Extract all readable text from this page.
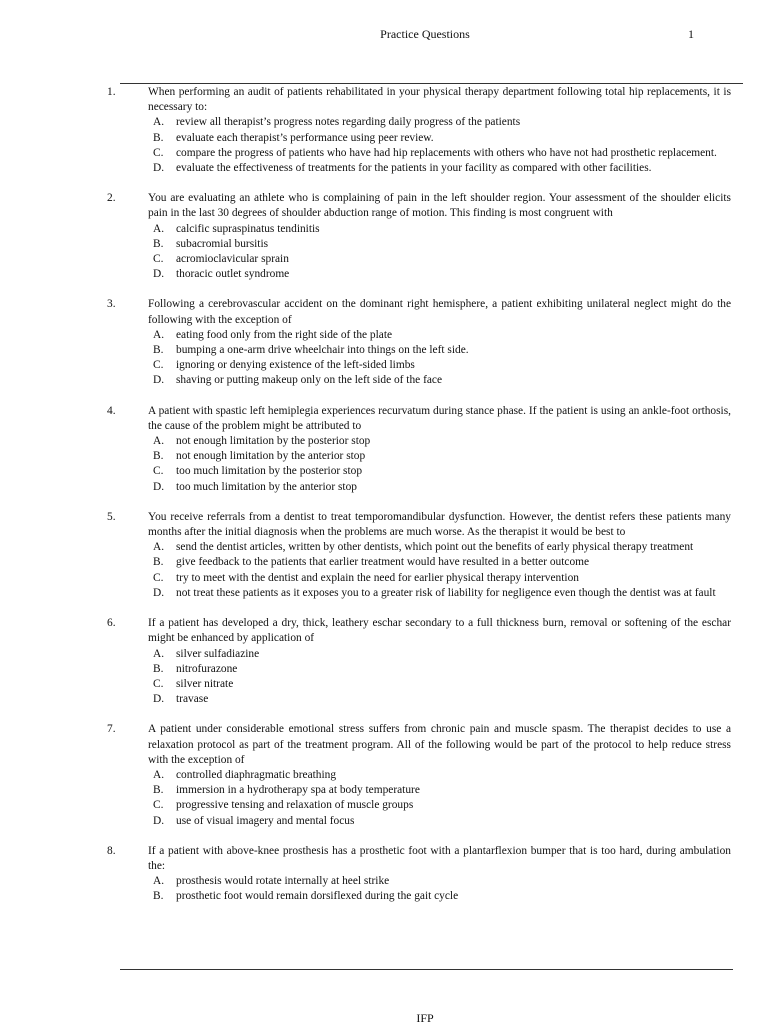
Practice Questions	1
1.	When performing an audit of patients rehabilitated in your physical therapy department following total hip replacements, it is necessary to:
A. review all therapist’s progress notes regarding daily progress of the patients
B. evaluate each therapist’s performance using peer review.
C. compare the progress of patients who have had hip replacements with others who have not had prosthetic replacement.
D. evaluate the effectiveness of treatments for the patients in your facility as compared with other facilities.
2.	You are evaluating an athlete who is complaining of pain in the left shoulder region. Your assessment of the shoulder elicits pain in the last 30 degrees of shoulder abduction range of motion. This finding is most congruent with
A. calcific supraspinatus tendinitis
B. subacromial bursitis
C. acromioclavicular sprain
D. thoracic outlet syndrome
3.	Following a cerebrovascular accident on the dominant right hemisphere, a patient exhibiting unilateral neglect might do the following with the exception of
A. eating food only from the right side of the plate
B. bumping a one-arm drive wheelchair into things on the left side.
C. ignoring or denying existence of the left-sided limbs
D. shaving or putting makeup only on the left side of the face
4.	A patient with spastic left hemiplegia experiences recurvatum during stance phase. If the patient is using an ankle-foot orthosis, the cause of the problem might be attributed to
A. not enough limitation by the posterior stop
B. not enough limitation by the anterior stop
C. too much limitation by the posterior stop
D. too much limitation by the anterior stop
5.	You receive referrals from a dentist to treat temporomandibular dysfunction. However, the dentist refers these patients many months after the initial diagnosis when the problems are much worse. As the therapist it would be best to
A. send the dentist articles, written by other dentists, which point out the benefits of early physical therapy treatment
B. give feedback to the patients that earlier treatment would have resulted in a better outcome
C. try to meet with the dentist and explain the need for earlier physical therapy intervention
D. not treat these patients as it exposes you to a greater risk of liability for negligence even though the dentist was at fault
6.	If a patient has developed a dry, thick, leathery eschar secondary to a full thickness burn, removal or softening of the eschar might be enhanced by application of
A. silver sulfadiazine
B. nitrofurazone
C. silver nitrate
D. travase
7.	A patient under considerable emotional stress suffers from chronic pain and muscle spasm. The therapist decides to use a relaxation protocol as part of the treatment program. All of the following would be part of the protocol to help reduce stress with the exception of
A. controlled diaphragmatic breathing
B. immersion in a hydrotherapy spa at body temperature
C. progressive tensing and relaxation of muscle groups
D. use of visual imagery and mental focus
8.	If a patient with above-knee prosthesis has a prosthetic foot with a plantarflexion bumper that is too hard, during ambulation the:
A. prosthesis would rotate internally at heel strike
B. prosthetic foot would remain dorsiflexed during the gait cycle
IFP
